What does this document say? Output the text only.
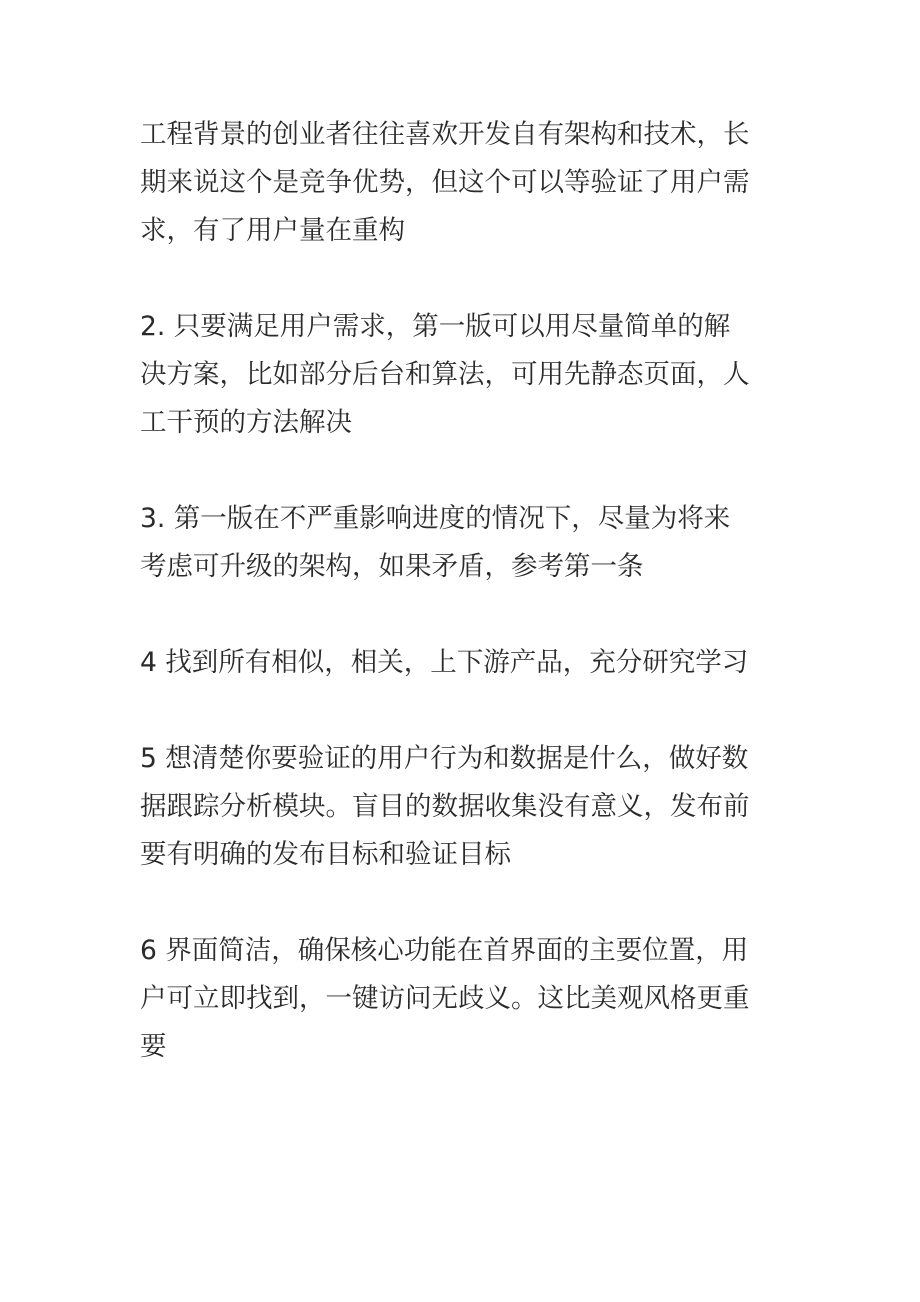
工程背景的创业者往往喜欢开发自有架构和技术，长
期来说这个是竞争优势，但这个可以等验证了用户需
求，有了用户量在重构
2. 只要满足用户需求，第一版可以用尽量简单的解
决方案，比如部分后台和算法，可用先静态页面，人
工干预的方法解决
3. 第一版在不严重影响进度的情况下，尽量为将来
考虑可升级的架构，如果矛盾，参考第一条
4 找到所有相似，相关，上下游产品，充分研究学习
5 想清楚你要验证的用户行为和数据是什么，做好数
据跟踪分析模块。盲目的数据收集没有意义，发布前
要有明确的发布目标和验证目标
6 界面简洁，确保核心功能在首界面的主要位置，用
户可立即找到，一键访问无歧义。这比美观风格更重
要
